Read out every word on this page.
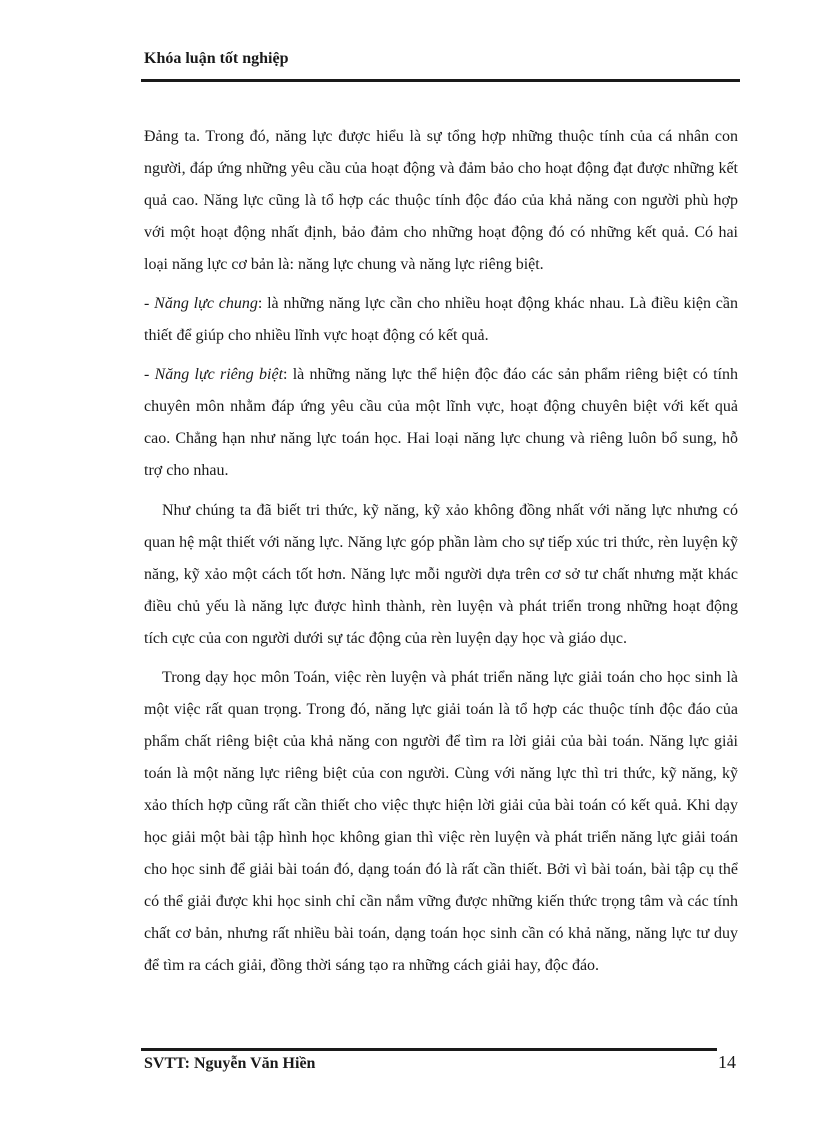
Khóa luận tốt nghiệp

Đảng ta. Trong đó, năng lực được hiểu là sự tổng hợp những thuộc tính của cá nhân con người, đáp ứng những yêu cầu của hoạt động và đảm bảo cho hoạt động đạt được những kết quả cao. Năng lực cũng là tổ hợp các thuộc tính độc đáo của khả năng con người phù hợp với một hoạt động nhất định, bảo đảm cho những hoạt động đó có những kết quả. Có hai loại năng lực cơ bản là: năng lực chung và năng lực riêng biệt.

- Năng lực chung: là những năng lực cần cho nhiều hoạt động khác nhau. Là điều kiện cần thiết để giúp cho nhiều lĩnh vực hoạt động có kết quả.

- Năng lực riêng biệt: là những năng lực thể hiện độc đáo các sản phẩm riêng biệt có tính chuyên môn nhằm đáp ứng yêu cầu của một lĩnh vực, hoạt động chuyên biệt với kết quả cao. Chẳng hạn như năng lực toán học. Hai loại năng lực chung và riêng luôn bổ sung, hỗ trợ cho nhau.

Như chúng ta đã biết tri thức, kỹ năng, kỹ xảo không đồng nhất với năng lực nhưng có quan hệ mật thiết với năng lực. Năng lực góp phần làm cho sự tiếp xúc tri thức, rèn luyện kỹ năng, kỹ xảo một cách tốt hơn. Năng lực mỗi người dựa trên cơ sở tư chất nhưng mặt khác điều chủ yếu là năng lực được hình thành, rèn luyện và phát triển trong những hoạt động tích cực của con người dưới sự tác động của rèn luyện dạy học và giáo dục.

Trong dạy học môn Toán, việc rèn luyện và phát triển năng lực giải toán cho học sinh là một việc rất quan trọng. Trong đó, năng lực giải toán là tổ hợp các thuộc tính độc đáo của phẩm chất riêng biệt của khả năng con người để tìm ra lời giải của bài toán. Năng lực giải toán là một năng lực riêng biệt của con người. Cùng với năng lực thì tri thức, kỹ năng, kỹ xảo thích hợp cũng rất cần thiết cho việc thực hiện lời giải của bài toán có kết quả. Khi dạy học giải một bài tập hình học không gian thì việc rèn luyện và phát triển năng lực giải toán cho học sinh để giải bài toán đó, dạng toán đó là rất cần thiết. Bởi vì bài toán, bài tập cụ thể có thể giải được khi học sinh chỉ cần nắm vững được những kiến thức trọng tâm và các tính chất cơ bản, nhưng rất nhiều bài toán, dạng toán học sinh cần có khả năng, năng lực tư duy để tìm ra cách giải, đồng thời sáng tạo ra những cách giải hay, độc đáo.

SVTT: Nguyễn Văn Hiền	14
